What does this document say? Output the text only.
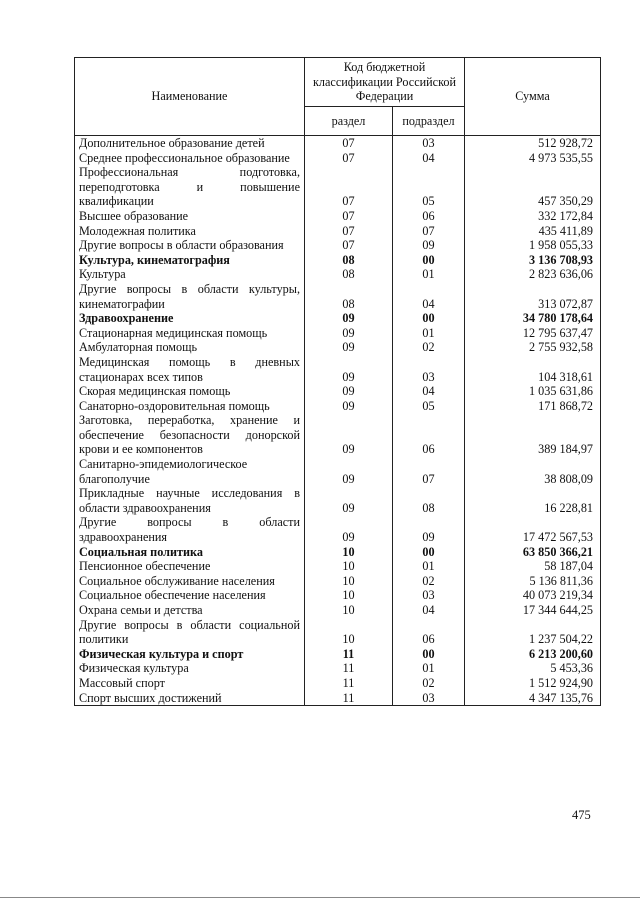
Наименование	Код бюджетной классификации Российской Федерации		Сумма
	раздел	подраздел	
Дополнительное образование детей	07	03	512 928,72
Среднее профессиональное образование	07	04	4 973 535,55
Профессиональная подготовка, переподготовка и повышение квалификации	07	05	457 350,29
Высшее образование	07	06	332 172,84
Молодежная политика	07	07	435 411,89
Другие вопросы в области образования	07	09	1 958 055,33
Культура, кинематография	08	00	3 136 708,93
Культура	08	01	2 823 636,06
Другие вопросы в области культуры, кинематографии	08	04	313 072,87
Здравоохранение	09	00	34 780 178,64
Стационарная медицинская помощь	09	01	12 795 637,47
Амбулаторная помощь	09	02	2 755 932,58
Медицинская помощь в дневных стационарах всех типов	09	03	104 318,61
Скорая медицинская помощь	09	04	1 035 631,86
Санаторно-оздоровительная помощь	09	05	171 868,72
Заготовка, переработка, хранение и обеспечение безопасности донорской крови и ее компонентов	09	06	389 184,97
Санитарно-эпидемиологическое благополучие	09	07	38 808,09
Прикладные научные исследования в области здравоохранения	09	08	16 228,81
Другие вопросы в области здравоохранения	09	09	17 472 567,53
Социальная политика	10	00	63 850 366,21
Пенсионное обеспечение	10	01	58 187,04
Социальное обслуживание населения	10	02	5 136 811,36
Социальное обеспечение населения	10	03	40 073 219,34
Охрана семьи и детства	10	04	17 344 644,25
Другие вопросы в области социальной политики	10	06	1 237 504,22
Физическая культура и спорт	11	00	6 213 200,60
Физическая культура	11	01	5 453,36
Массовый спорт	11	02	1 512 924,90
Спорт высших достижений	11	03	4 347 135,76
475
